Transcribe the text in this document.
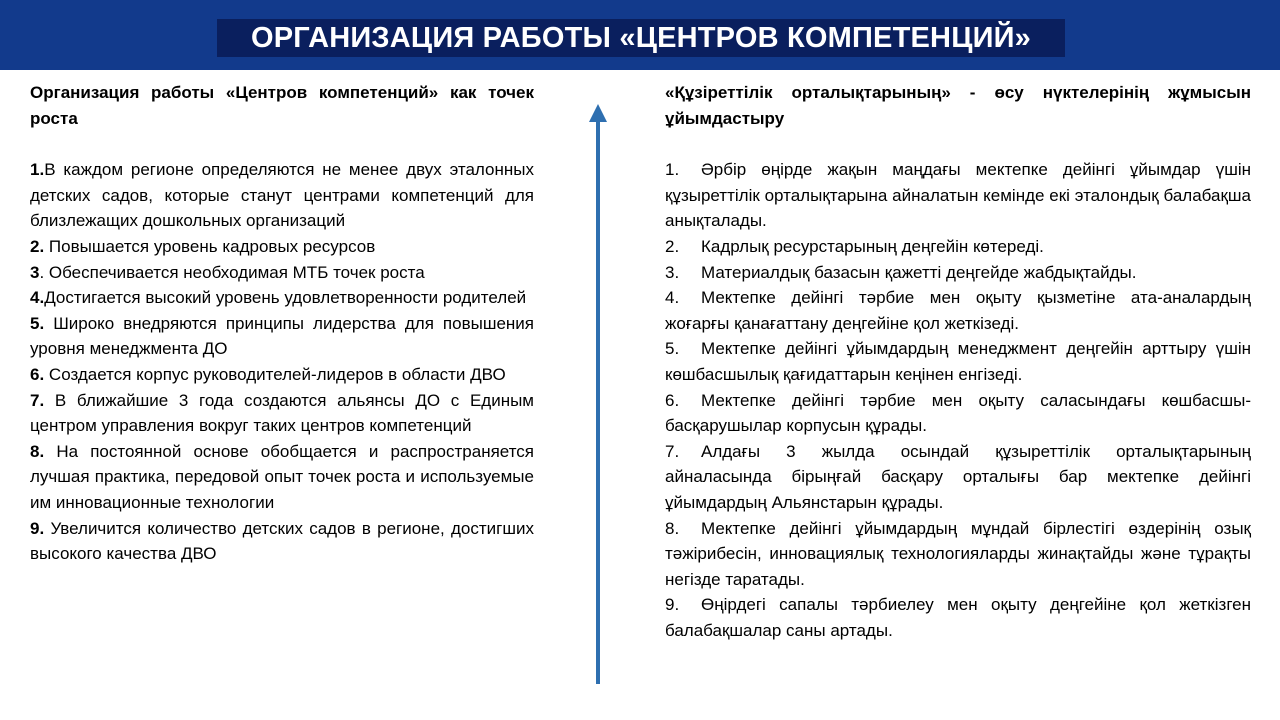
ОРГАНИЗАЦИЯ РАБОТЫ «ЦЕНТРОВ КОМПЕТЕНЦИЙ»
Организация работы «Центров компетенций» как точек роста
1.В каждом регионе определяются не менее двух эталонных детских садов, которые станут центрами компетенций для близлежащих дошкольных организаций
2. Повышается уровень кадровых ресурсов
3. Обеспечивается необходимая МТБ точек роста
4.Достигается высокий уровень удовлетворенности родителей
5. Широко внедряются принципы лидерства для повышения уровня менеджмента ДО
6. Создается корпус руководителей-лидеров в области ДВО
7. В ближайшие 3 года создаются альянсы ДО с Единым центром управления вокруг таких центров компетенций
8. На постоянной основе обобщается и распространяется лучшая практика, передовой опыт точек роста и используемые им инновационные технологии
9. Увеличится количество детских садов в регионе, достигших высокого качества ДВО
«Құзіреттілік орталықтарының» - өсу нүктелерінің жұмысын ұйымдастыру
1. Әрбір өңірде жақын маңдағы мектепке дейінгі ұйымдар үшін құзыреттілік орталықтарына айналатын кемінде екі эталондық балабақша анықталады.
2. Кадрлық ресурстарының деңгейін көтереді.
3. Материалдық базасын қажетті деңгейде жабдықтайды.
4. Мектепке дейінгі тәрбие мен оқыту қызметіне ата-аналардың жоғарғы қанағаттану деңгейіне қол жеткізеді.
5. Мектепке дейінгі ұйымдардың менеджмент деңгейін арттыру үшін көшбасшылық қағидаттарын кеңінен енгізеді.
6. Мектепке дейінгі тәрбие мен оқыту саласындағы көшбасшы-басқарушылар корпусын құрады.
7. Алдағы 3 жылда осындай құзыреттілік орталықтарының айналасында бірыңғай басқару орталығы бар мектепке дейінгі ұйымдардың Альянстарын құрады.
8. Мектепке дейінгі ұйымдардың мұндай бірлестігі өздерінің озық тәжірибесін, инновациялық технологияларды жинақтайды және тұрақты негізде таратады.
9. Өңірдегі сапалы тәрбиелеу мен оқыту деңгейіне қол жеткізген балабақшалар саны артады.
